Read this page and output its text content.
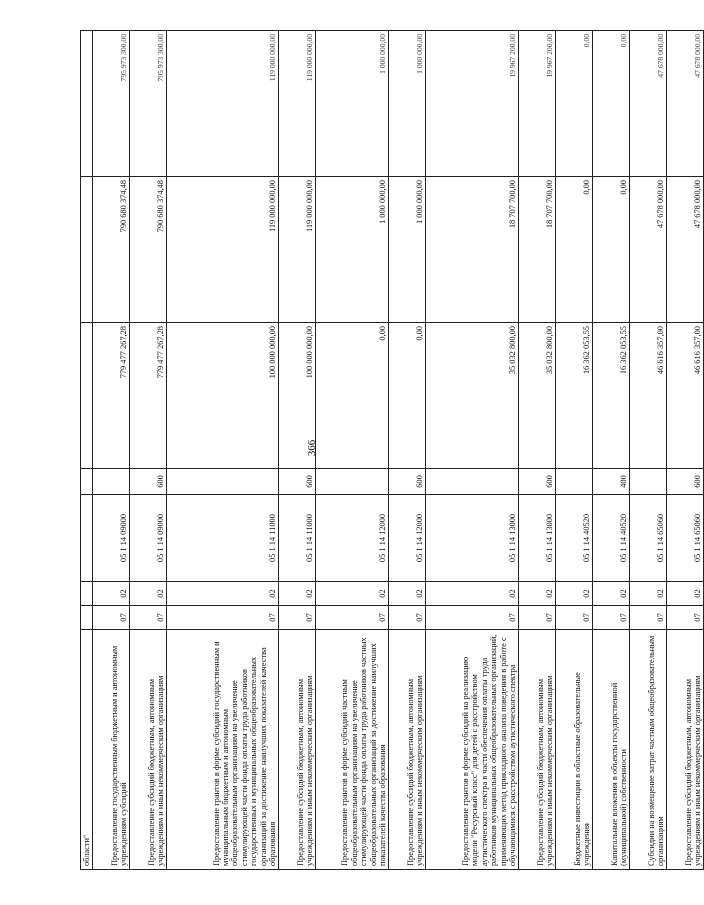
366
области"							
Предоставление государственным бюджетным и автономным учреждениям субсидий	07	02	05 1 14 09000		779 477 267,28	790 680 374,48	795 973 300,00
Предоставление субсидий бюджетным, автономным учреждениям и иным некоммерческим организациям	07	02	05 1 14 09000	600	779 477 267,28	790 680 374,48	795 973 300,00
Предоставление грантов в форме субсидий государственным и муниципальным бюджетным и автономным общеобразовательным организациям на увеличение стимулирующей части фонда оплаты труда работников государственных и муниципальных общеобразовательных организаций за достижение наилучших показателей качества образования	07	02	05 1 14 11000		100 000 000,00	119 000 000,00	119 000 000,00
Предоставление субсидий бюджетным, автономным учреждениям и иным некоммерческим организациям	07	02	05 1 14 11000	600	100 000 000,00	119 000 000,00	119 000 000,00
Предоставление грантов в форме субсидий частным общеобразовательным организациям на увеличение стимулирующей части фонда оплаты труда работников частных общеобразовательных организаций за достижение наилучших показателей качества образования	07	02	05 1 14 12000		0,00	1 000 000,00	1 000 000,00
Предоставление субсидий бюджетным, автономным учреждениям и иным некоммерческим организациям	07	02	05 1 14 12000	600	0,00	1 000 000,00	1 000 000,00
Предоставление грантов в форме субсидий на реализацию модели "Ресурсный класс" для детей с расстройством аутистического спектра в части обеспечения оплаты труда работников муниципальных общеобразовательных организаций, применяющих метод прикладного анализа поведения в работе с обучающимися с расстройством аутистического спектра	07	02	05 1 14 13000		35 032 800,00	18 707 700,00	19 967 200,00
Предоставление субсидий бюджетным, автономным учреждениям и иным некоммерческим организациям	07	02	05 1 14 13000	600	35 032 800,00	18 707 700,00	19 967 200,00
Бюджетные инвестиции в областные образовательные учреждения	07	02	05 1 14 40520		16 362 053,55	0,00	0,00
Капитальные вложения в объекты государственной (муниципальной) собственности	07	02	05 1 14 40520	400	16 362 053,55	0,00	0,00
Субсидии на возмещение затрат частным общеобразовательным организациям	07	02	05 1 14 65060		46 616 357,00	47 678 000,00	47 678 000,00
Предоставление субсидий бюджетным, автономным учреждениям и иным некоммерческим организациям	07	02	05 1 14 65060	600	46 616 357,00	47 678 000,00	47 678 000,00
